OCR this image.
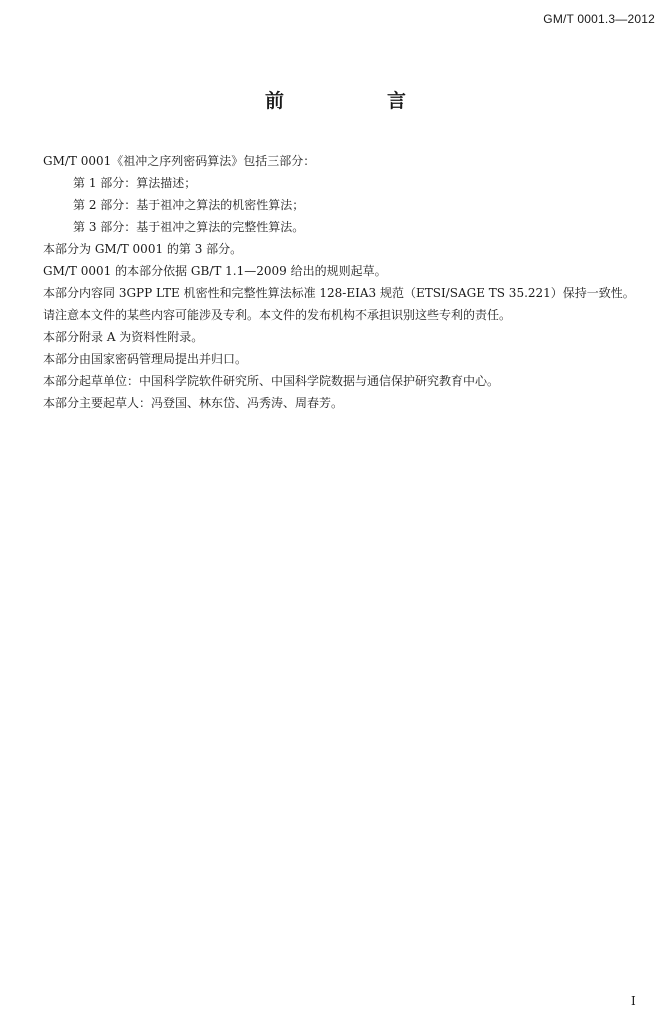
GM/T 0001.3—2012
前　言

GM/T 0001《祖冲之序列密码算法》包括三部分：

第 1 部分：算法描述；

第 2 部分：基于祖冲之算法的机密性算法；

第 3 部分：基于祖冲之算法的完整性算法。

本部分为 GM/T 0001 的第 3 部分。

GM/T 0001 的本部分依据 GB/T 1.1—2009 给出的规则起草。

本部分内容同 3GPP LTE 机密性和完整性算法标准 128-EIA3 规范（ETSI/SAGE TS 35.221）保持一致性。

请注意本文件的某些内容可能涉及专利。本文件的发布机构不承担识别这些专利的责任。

本部分附录 A 为资料性附录。

本部分由国家密码管理局提出并归口。

本部分起草单位：中国科学院软件研究所、中国科学院数据与通信保护研究教育中心。

本部分主要起草人：冯登国、林东岱、冯秀涛、周春芳。

I
